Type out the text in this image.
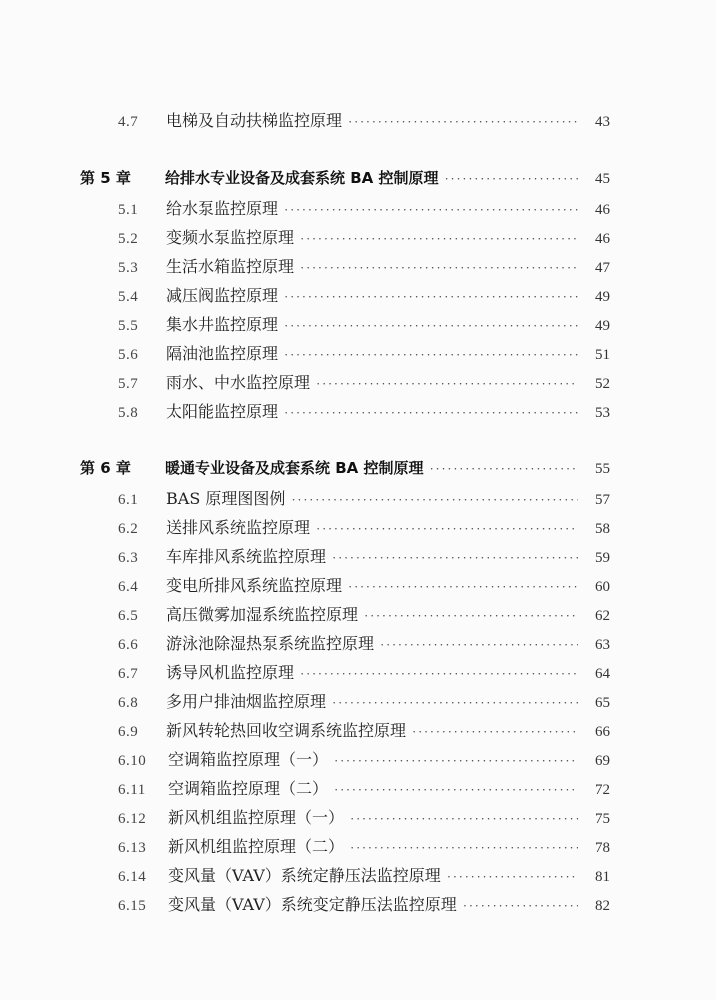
4.7	电梯及自动扶梯监控原理 ·····	43
第 5 章	给排水专业设备及成套系统 BA 控制原理 ·····	45
5.1	给水泵监控原理 ·····	46
5.2	变频水泵监控原理 ·····	46
5.3	生活水箱监控原理 ·····	47
5.4	减压阀监控原理 ·····	49
5.5	集水井监控原理 ·····	49
5.6	隔油池监控原理 ·····	51
5.7	雨水、中水监控原理 ·····	52
5.8	太阳能监控原理 ·····	53
第 6 章	暖通专业设备及成套系统 BA 控制原理 ·····	55
6.1	BAS 原理图图例 ·····	57
6.2	送排风系统监控原理 ·····	58
6.3	车库排风系统监控原理 ·····	59
6.4	变电所排风系统监控原理 ·····	60
6.5	高压微雾加湿系统监控原理 ·····	62
6.6	游泳池除湿热泵系统监控原理 ·····	63
6.7	诱导风机监控原理 ·····	64
6.8	多用户排油烟监控原理 ·····	65
6.9	新风转轮热回收空调系统监控原理 ·····	66
6.10	空调箱监控原理（一） ·····	69
6.11	空调箱监控原理（二） ·····	72
6.12	新风机组监控原理（一） ·····	75
6.13	新风机组监控原理（二） ·····	78
6.14	变风量（VAV）系统定静压法监控原理 ·····	81
6.15	变风量（VAV）系统变定静压法监控原理 ·····	82
